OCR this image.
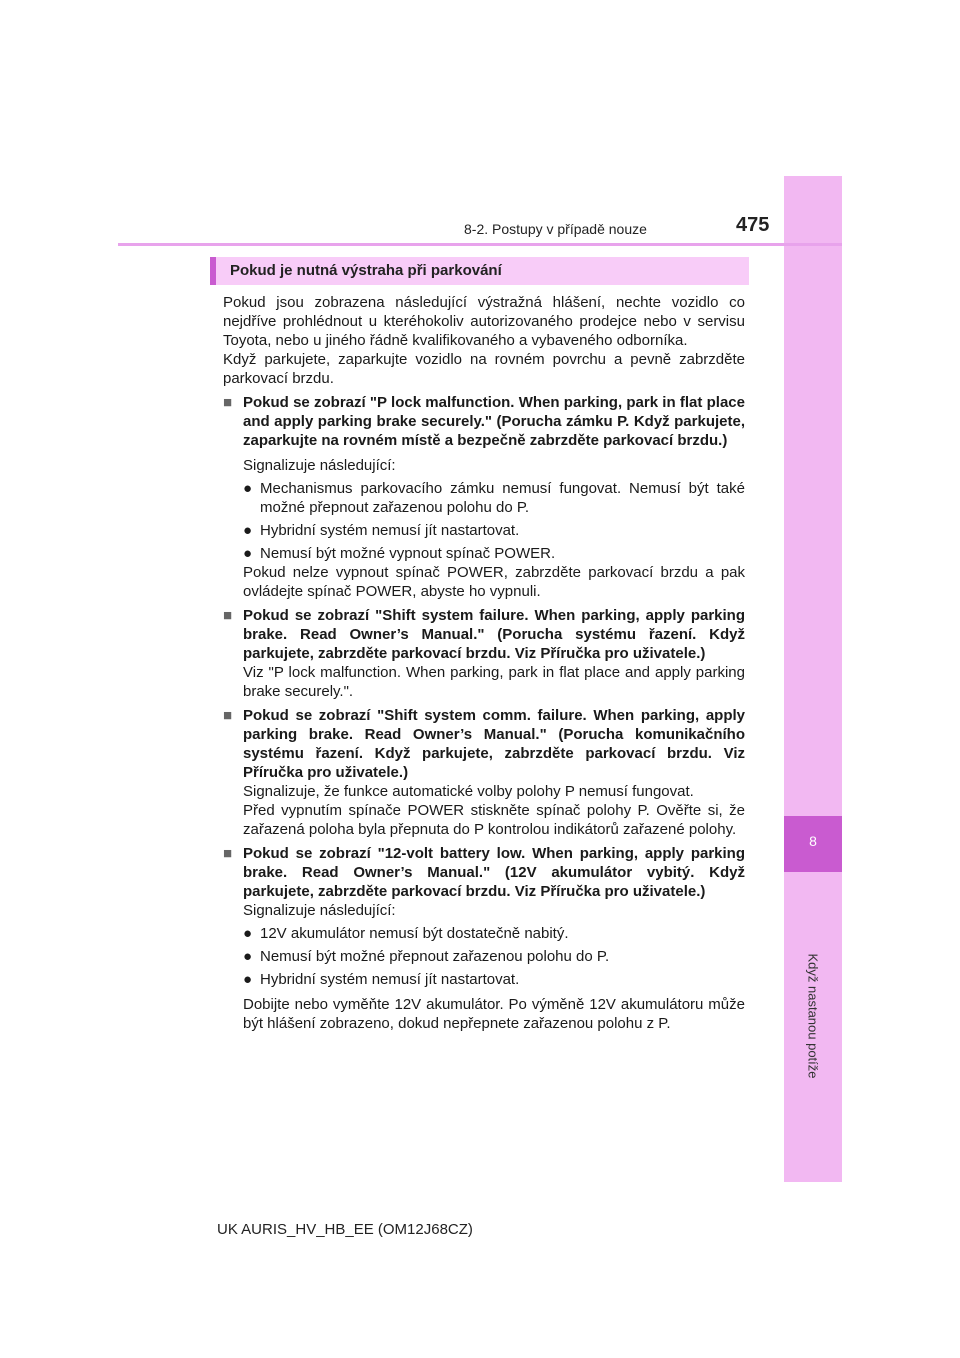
8
Když nastanou potíže
8-2. Postupy v případě nouze	475
Pokud je nutná výstraha při parkování

Pokud jsou zobrazena následující výstražná hlášení, nechte vozidlo co nejdříve prohlédnout u kteréhokoliv autorizovaného prodejce nebo v servisu Toyota, nebo u jiného řádně kvalifikovaného a vybaveného odborníka.

Když parkujete, zaparkujte vozidlo na rovném povrchu a pevně zabrzděte parkovací brzdu.

■ Pokud se zobrazí "P lock malfunction. When parking, park in flat place and apply parking brake securely." (Porucha zámku P. Když parkujete, zaparkujte na rovném místě a bezpečně zabrzděte parkovací brzdu.)

Signalizuje následující:

● Mechanismus parkovacího zámku nemusí fungovat. Nemusí být také možné přepnout zařazenou polohu do P.
● Hybridní systém nemusí jít nastartovat.
● Nemusí být možné vypnout spínač POWER.

Pokud nelze vypnout spínač POWER, zabrzděte parkovací brzdu a pak ovládejte spínač POWER, abyste ho vypnuli.

■ Pokud se zobrazí "Shift system failure. When parking, apply parking brake. Read Owner’s Manual." (Porucha systému řazení. Když parkujete, zabrzděte parkovací brzdu. Viz Příručka pro uživatele.)

Viz "P lock malfunction. When parking, park in flat place and apply parking brake securely.".

■ Pokud se zobrazí "Shift system comm. failure. When parking, apply parking brake. Read Owner’s Manual." (Porucha komunikačního systému řazení. Když parkujete, zabrzděte parkovací brzdu. Viz Příručka pro uživatele.)

Signalizuje, že funkce automatické volby polohy P nemusí fungovat.

Před vypnutím spínače POWER stiskněte spínač polohy P. Ověřte si, že zařazená poloha byla přepnuta do P kontrolou indikátorů zařazené polohy.

■ Pokud se zobrazí "12-volt battery low. When parking, apply parking brake. Read Owner’s Manual." (12V akumulátor vybitý. Když parkujete, zabrzděte parkovací brzdu. Viz Příručka pro uživatele.)

Signalizuje následující:

● 12V akumulátor nemusí být dostatečně nabitý.
● Nemusí být možné přepnout zařazenou polohu do P.
● Hybridní systém nemusí jít nastartovat.

Dobijte nebo vyměňte 12V akumulátor. Po výměně 12V akumulátoru může být hlášení zobrazeno, dokud nepřepnete zařazenou polohu z P.

UK AURIS_HV_HB_EE (OM12J68CZ)
